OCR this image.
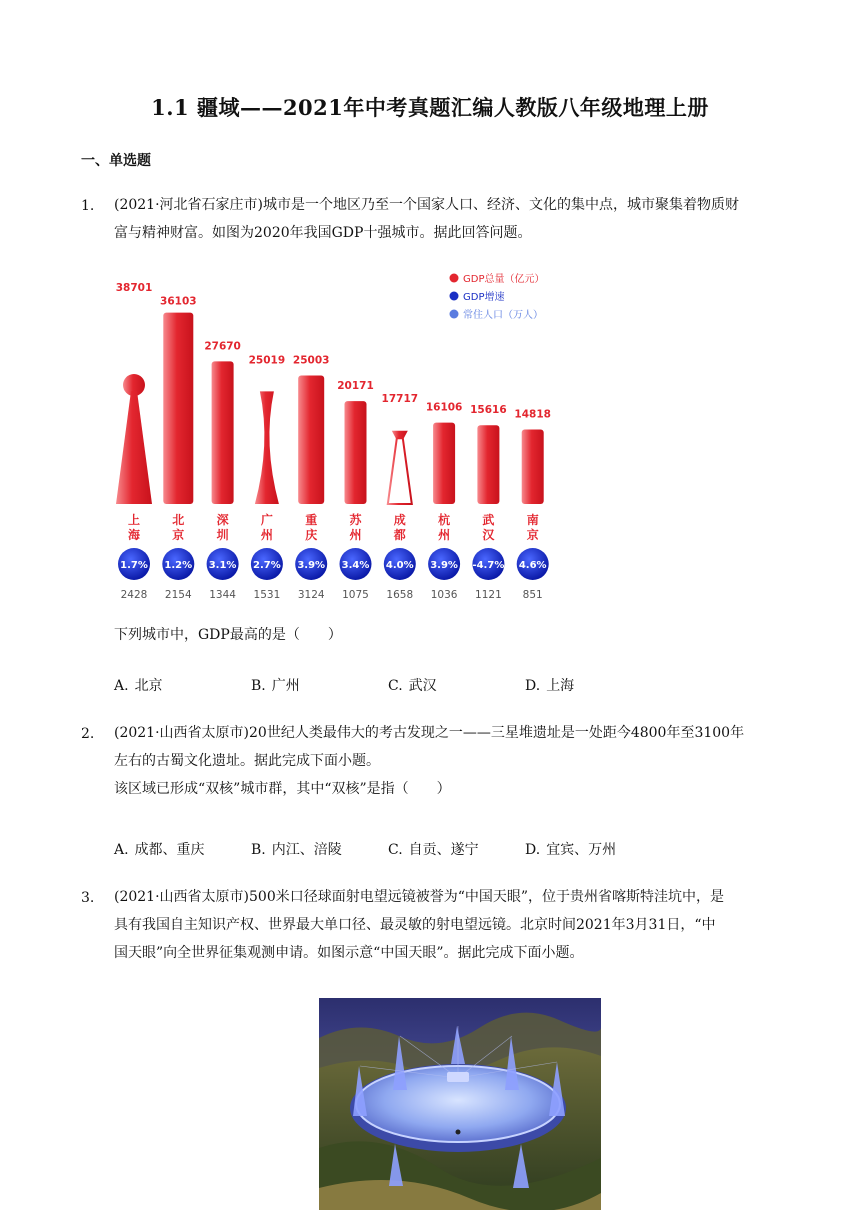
1.1 疆域——2021年中考真题汇编人教版八年级地理上册
一、单选题
1. (2021·河北省石家庄市)城市是一个地区乃至一个国家人口、经济、文化的集中点，城市聚集着物质财
富与精神财富。如图为2020年我国GDP十强城市。据此回答问题。
GDP总量（亿元）
GDP增速
常住人口（万人）
38701
上
海
1.7%
2428
36103
北
京
1.2%
2154
27670
深
圳
3.1%
1344
25019
广
州
2.7%
1531
25003
重
庆
3.9%
3124
20171
苏
州
3.4%
1075
17717
成
都
4.0%
1658
16106
杭
州
3.9%
1036
15616
武
汉
-4.7%
1121
14818
南
京
4.6%
851
下列城市中，GDP最高的是（　　）
A. 北京	B. 广州	C. 武汉	D. 上海
2. (2021·山西省太原市)20世纪人类最伟大的考古发现之一——三星堆遗址是一处距今4800年至3100年
左右的古蜀文化遗址。据此完成下面小题。
该区域已形成“双核”城市群，其中“双核”是指（　　）
A. 成都、重庆	B. 内江、涪陵	C. 自贡、遂宁	D. 宜宾、万州
3. (2021·山西省太原市)500米口径球面射电望远镜被誉为“中国天眼”，位于贵州省喀斯特洼坑中，是
具有我国自主知识产权、世界最大单口径、最灵敏的射电望远镜。北京时间2021年3月31日，“中
国天眼”向全世界征集观测申请。如图示意“中国天眼”。据此完成下面小题。
